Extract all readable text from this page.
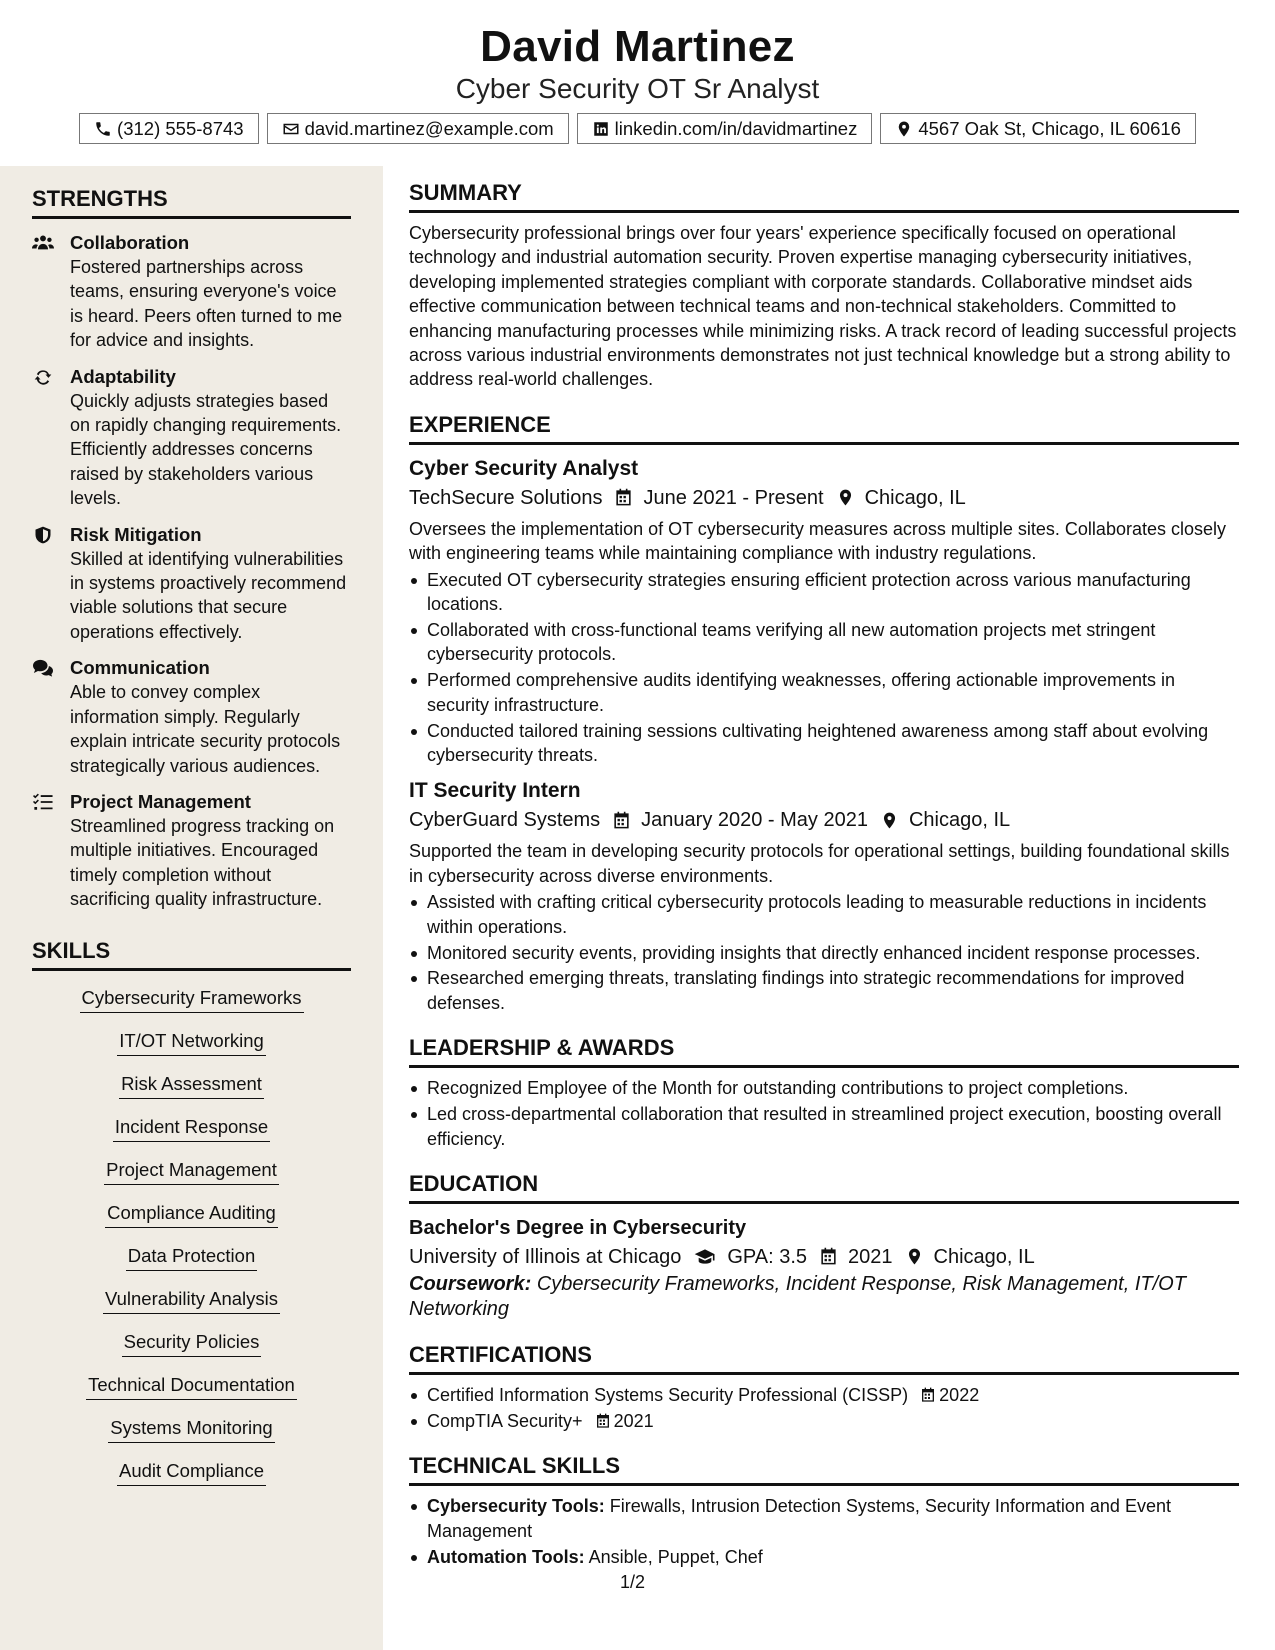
David Martinez
Cyber Security OT Sr Analyst
(312) 555-8743	david.martinez@example.com	linkedin.com/in/davidmartinez	4567 Oak St, Chicago, IL 60616
STRENGTHS
Collaboration
Fostered partnerships across teams, ensuring everyone's voice is heard. Peers often turned to me for advice and insights.
Adaptability
Quickly adjusts strategies based on rapidly changing requirements. Efficiently addresses concerns raised by stakeholders various levels.
Risk Mitigation
Skilled at identifying vulnerabilities in systems proactively recommend viable solutions that secure operations effectively.
Communication
Able to convey complex information simply. Regularly explain intricate security protocols strategically various audiences.
Project Management
Streamlined progress tracking on multiple initiatives. Encouraged timely completion without sacrificing quality infrastructure.
SKILLS
Cybersecurity Frameworks
IT/OT Networking
Risk Assessment
Incident Response
Project Management
Compliance Auditing
Data Protection
Vulnerability Analysis
Security Policies
Technical Documentation
Systems Monitoring
Audit Compliance
SUMMARY

Cybersecurity professional brings over four years' experience specifically focused on operational technology and industrial automation security. Proven expertise managing cybersecurity initiatives, developing implemented strategies compliant with corporate standards. Collaborative mindset aids effective communication between technical teams and non-technical stakeholders. Committed to enhancing manufacturing processes while minimizing risks. A track record of leading successful projects across various industrial environments demonstrates not just technical knowledge but a strong ability to address real-world challenges.

EXPERIENCE
Cyber Security Analyst
TechSecure Solutions June 2021 - Present Chicago, IL

Oversees the implementation of OT cybersecurity measures across multiple sites. Collaborates closely with engineering teams while maintaining compliance with industry regulations.

Executed OT cybersecurity strategies ensuring efficient protection across various manufacturing locations.
Collaborated with cross-functional teams verifying all new automation projects met stringent cybersecurity protocols.
Performed comprehensive audits identifying weaknesses, offering actionable improvements in security infrastructure.
Conducted tailored training sessions cultivating heightened awareness among staff about evolving cybersecurity threats.
IT Security Intern
CyberGuard Systems January 2020 - May 2021 Chicago, IL

Supported the team in developing security protocols for operational settings, building foundational skills in cybersecurity across diverse environments.

Assisted with crafting critical cybersecurity protocols leading to measurable reductions in incidents within operations.
Monitored security events, providing insights that directly enhanced incident response processes.
Researched emerging threats, translating findings into strategic recommendations for improved defenses.
LEADERSHIP & AWARDS
Recognized Employee of the Month for outstanding contributions to project completions.
Led cross-departmental collaboration that resulted in streamlined project execution, boosting overall efficiency.
EDUCATION
Bachelor's Degree in Cybersecurity
University of Illinois at Chicago GPA: 3.5 2021 Chicago, IL
Coursework: Cybersecurity Frameworks, Incident Response, Risk Management, IT/OT Networking
CERTIFICATIONS
Certified Information Systems Security Professional (CISSP) 2022
CompTIA Security+ 2021
TECHNICAL SKILLS
Cybersecurity Tools: Firewalls, Intrusion Detection Systems, Security Information and Event Management
Automation Tools: Ansible, Puppet, Chef
1/2
